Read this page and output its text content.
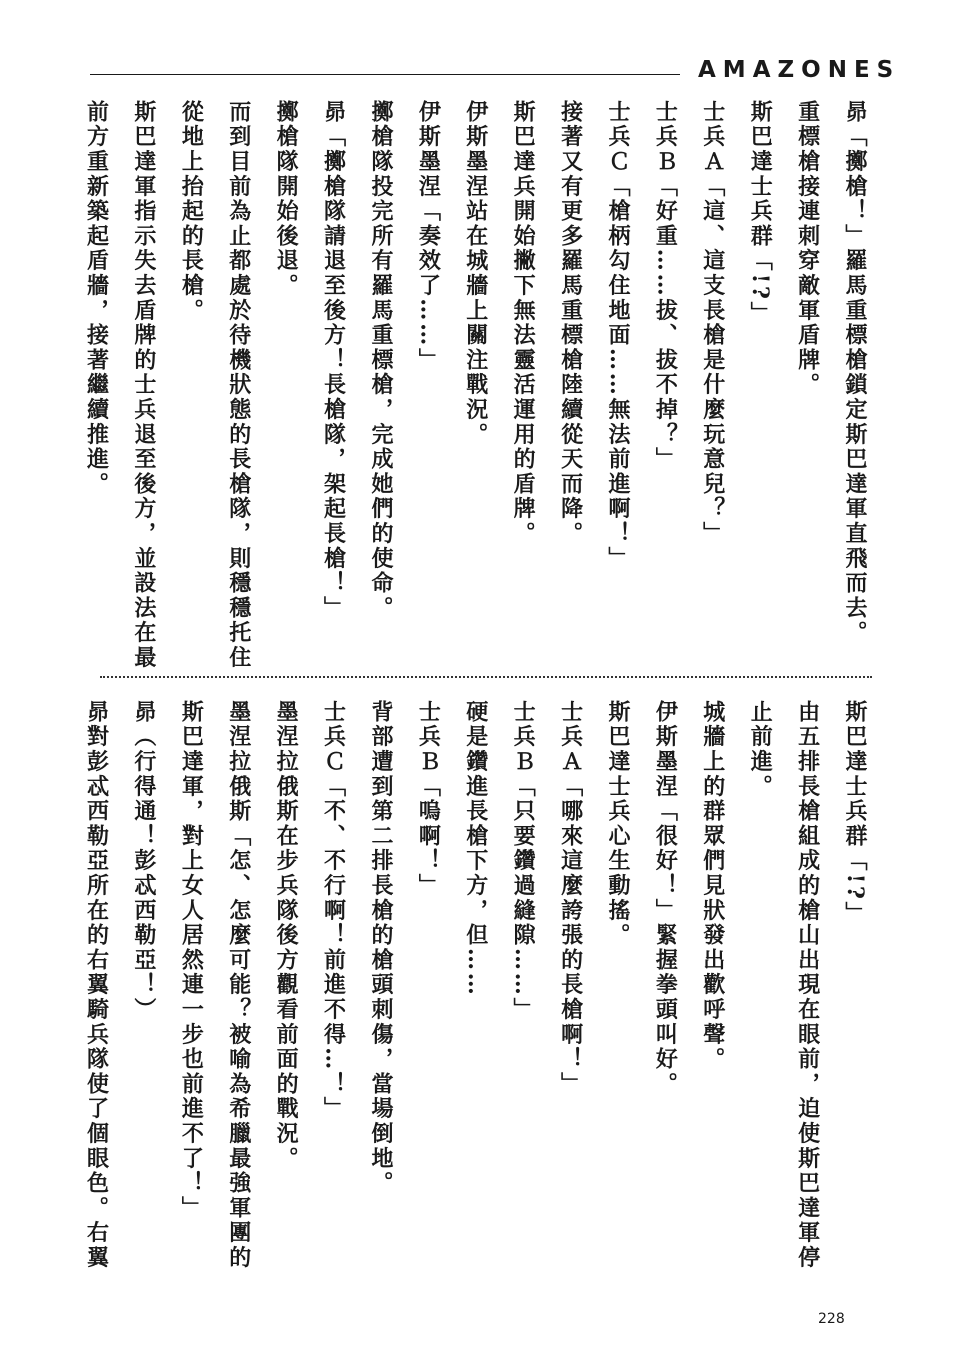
AMAZONES
昴「擲槍！」羅馬重標槍鎖定斯巴達軍直飛而去。
重標槍接連刺穿敵軍盾牌。
斯巴達士兵群「!?」
士兵Ａ「這、這支長槍是什麼玩意兒？」
士兵Ｂ「好重……拔、拔不掉？」
士兵Ｃ「槍柄勾住地面……無法前進啊！」
接著又有更多羅馬重標槍陸續從天而降。
斯巴達兵開始撇下無法靈活運用的盾牌。
伊斯墨涅站在城牆上關注戰況。
伊斯墨涅「奏效了……」
擲槍隊投完所有羅馬重標槍，完成她們的使命。
昴「擲槍隊請退至後方！長槍隊，架起長槍！」
擲槍隊開始後退。
而到目前為止都處於待機狀態的長槍隊，則穩穩托住
從地上抬起的長槍。
斯巴達軍指示失去盾牌的士兵退至後方，並設法在最
前方重新築起盾牆，接著繼續推進。
斯巴達士兵群「!?」
由五排長槍組成的槍山出現在眼前，迫使斯巴達軍停
止前進。
城牆上的群眾們見狀發出歡呼聲。
伊斯墨涅「很好！」緊握拳頭叫好。
斯巴達士兵心生動搖。
士兵Ａ「哪來這麼誇張的長槍啊！」
士兵Ｂ「只要鑽過縫隙……」
硬是鑽進長槍下方，但……
士兵Ｂ「嗚啊！」
背部遭到第二排長槍的槍頭刺傷，當場倒地。
士兵Ｃ「不、不行啊！前進不得…！」
墨涅拉俄斯在步兵隊後方觀看前面的戰況。
墨涅拉俄斯「怎、怎麼可能？被喻為希臘最強軍團的
斯巴達軍，對上女人居然連一步也前進不了！」
昴（行得通！彭忒西勒亞！）
昴對彭忒西勒亞所在的右翼騎兵隊使了個眼色。右翼
228
